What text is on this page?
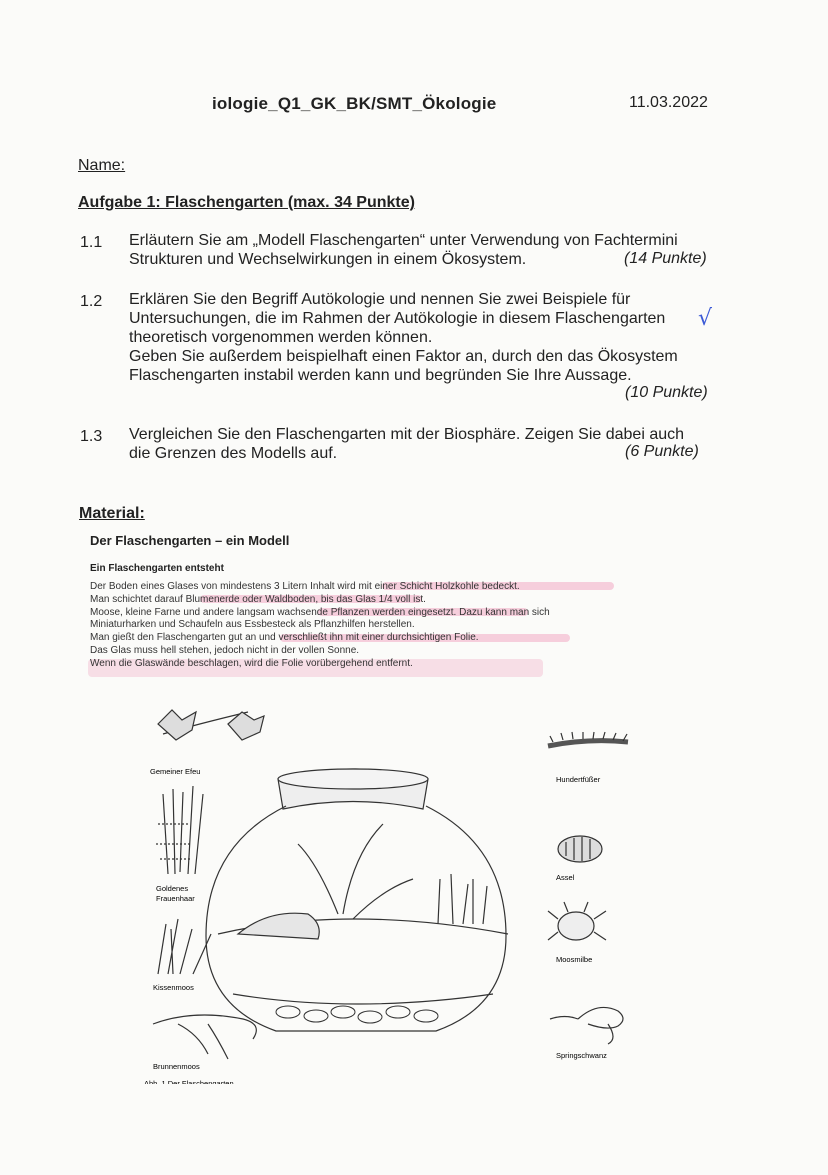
iologie_Q1_GK_BK/SMT_Ökologie	11.03.2022
Name:
Aufgabe 1: Flaschengarten (max. 34 Punkte)
1.1 Erläutern Sie am „Modell Flaschengarten“ unter Verwendung von Fachtermini
Strukturen und Wechselwirkungen in einem Ökosystem.	(14 Punkte)
1.2 Erklären Sie den Begriff Autökologie und nennen Sie zwei Beispiele für
Untersuchungen, die im Rahmen der Autökologie in diesem Flaschengarten
theoretisch vorgenommen werden können.
Geben Sie außerdem beispielhaft einen Faktor an, durch den das Ökosystem
Flaschengarten instabil werden kann und begründen Sie Ihre Aussage.
(10 Punkte)
√
1.3 Vergleichen Sie den Flaschengarten mit der Biosphäre. Zeigen Sie dabei auch
die Grenzen des Modells auf.	(6 Punkte)
Material:
Der Flaschengarten – ein Modell
Ein Flaschengarten entsteht
Der Boden eines Glases von mindestens 3 Litern Inhalt wird mit einer Schicht Holzkohle bedeckt.
Man schichtet darauf Blumenerde oder Waldboden, bis das Glas 1/4 voll ist.
Moose, kleine Farne und andere langsam wachsende Pflanzen werden eingesetzt. Dazu kann man sich
Miniaturharken und Schaufeln aus Essbesteck als Pflanzhilfen herstellen.
Man gießt den Flaschengarten gut an und verschließt ihn mit einer durchsichtigen Folie.
Das Glas muss hell stehen, jedoch nicht in der vollen Sonne.
Wenn die Glaswände beschlagen, wird die Folie vorübergehend entfernt.
Gemeiner Efeu
Goldenes
Frauenhaar
Kissenmoos
Brunnenmoos
Hundertfüßer
Assel
Moosmilbe
Springschwanz
Abb. 1 Der Flaschengarten
